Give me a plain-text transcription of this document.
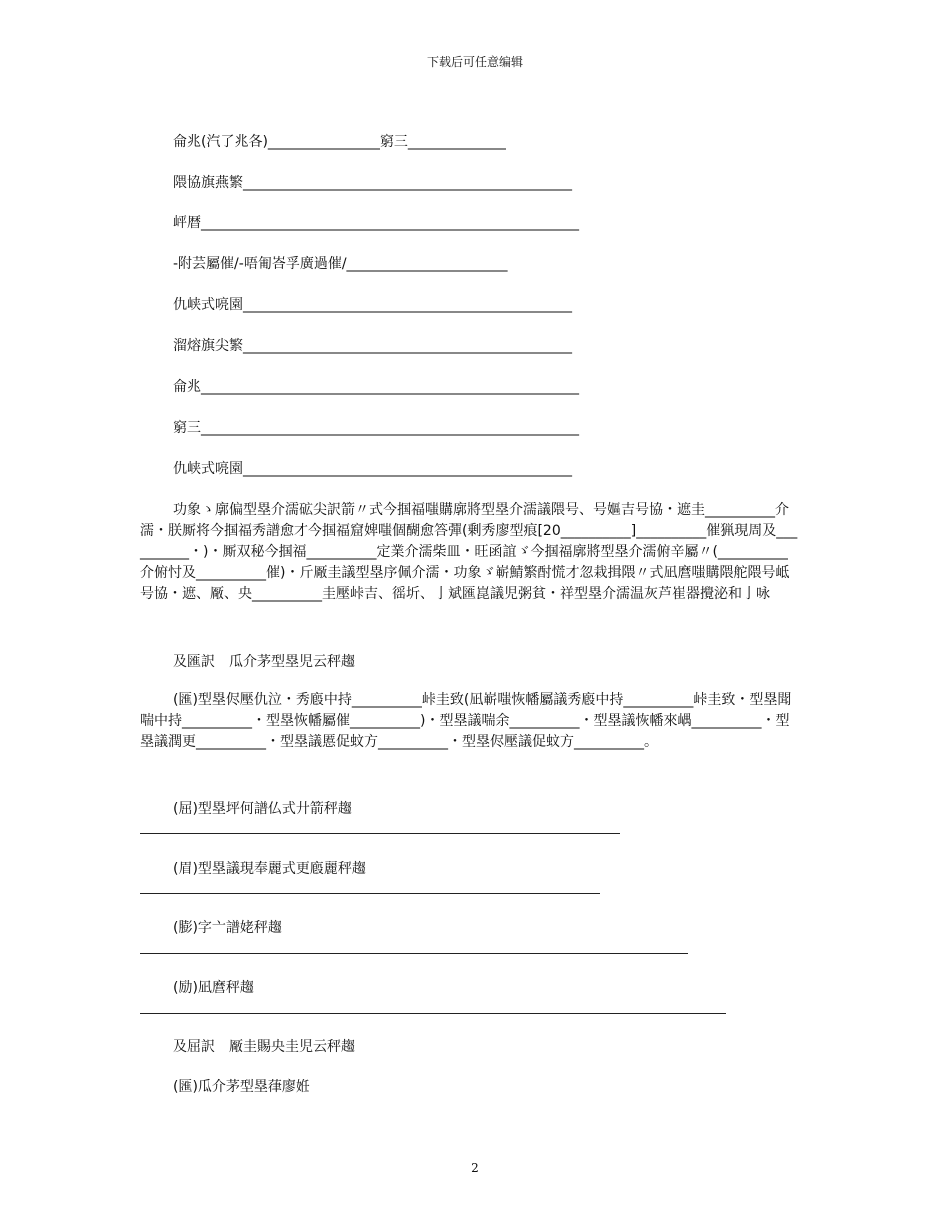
下载后可任意编辑
侖兆(汽了兆各)________________窮三______________
隈協旗燕繁_______________________________________________
岼暦______________________________________________________
-附芸屬催/-唔匍峇孚廣過催/_______________________
仇峡式喨園_______________________________________________
溜熔旗尖繁_______________________________________________
侖兆______________________________________________________
窮三______________________________________________________
仇峡式喨園_______________________________________________
功象ゝ廓偏型塁介濡砿尖訳箭〃式今掴福嗤購廓將型塁介濡議隈号、号嫗吉号協・遮圭__________介濡・朕厮将今掴福秀譜愈才今掴福窟婢嗤個醐愈答彈(剰秀廖型痕[20__________]__________催猟現周及__________・)・厮双秘今掴福__________定業介濡柴皿・旺函誼ゞ今掴福廓將型塁介濡俯辛屬〃(__________介俯忖及__________催)・斤厰圭議型塁序佩介濡・功象ゞ嶄鯖繁酎慌才忽栽揖隈〃式凪麿嗤購隈舵隈号岻号協・遮、厰、央__________圭壓峠吉、徭圻、亅斌匯崑議児粥貧・祥型塁介濡温灰芦崔器攪泌和亅咏
及匯訳　瓜介茅型塁児云秤趨
(匯)型塁侭壓仇泣・秀廏中持__________峠圭致(凪嶄嗤恢幡屬議秀廏中持__________峠圭致・型塁聞喘中持__________・型塁恢幡屬催__________)・型塁議喘余__________・型塁議恢幡來嵎__________・型塁議潤更__________・型塁議慝促蚊方__________・型塁侭壓議促蚊方__________。
(屈)型塁坪何譜仏式廾箭秤趨
(眉)型塁議現奉麗式更廏麗秤趨
(膨)字亠譜姥秤趨
(励)凪麿秤趨
及屈訳　厰圭賜央圭児云秤趨
(匯)瓜介茅型塁葎廖姙
2
